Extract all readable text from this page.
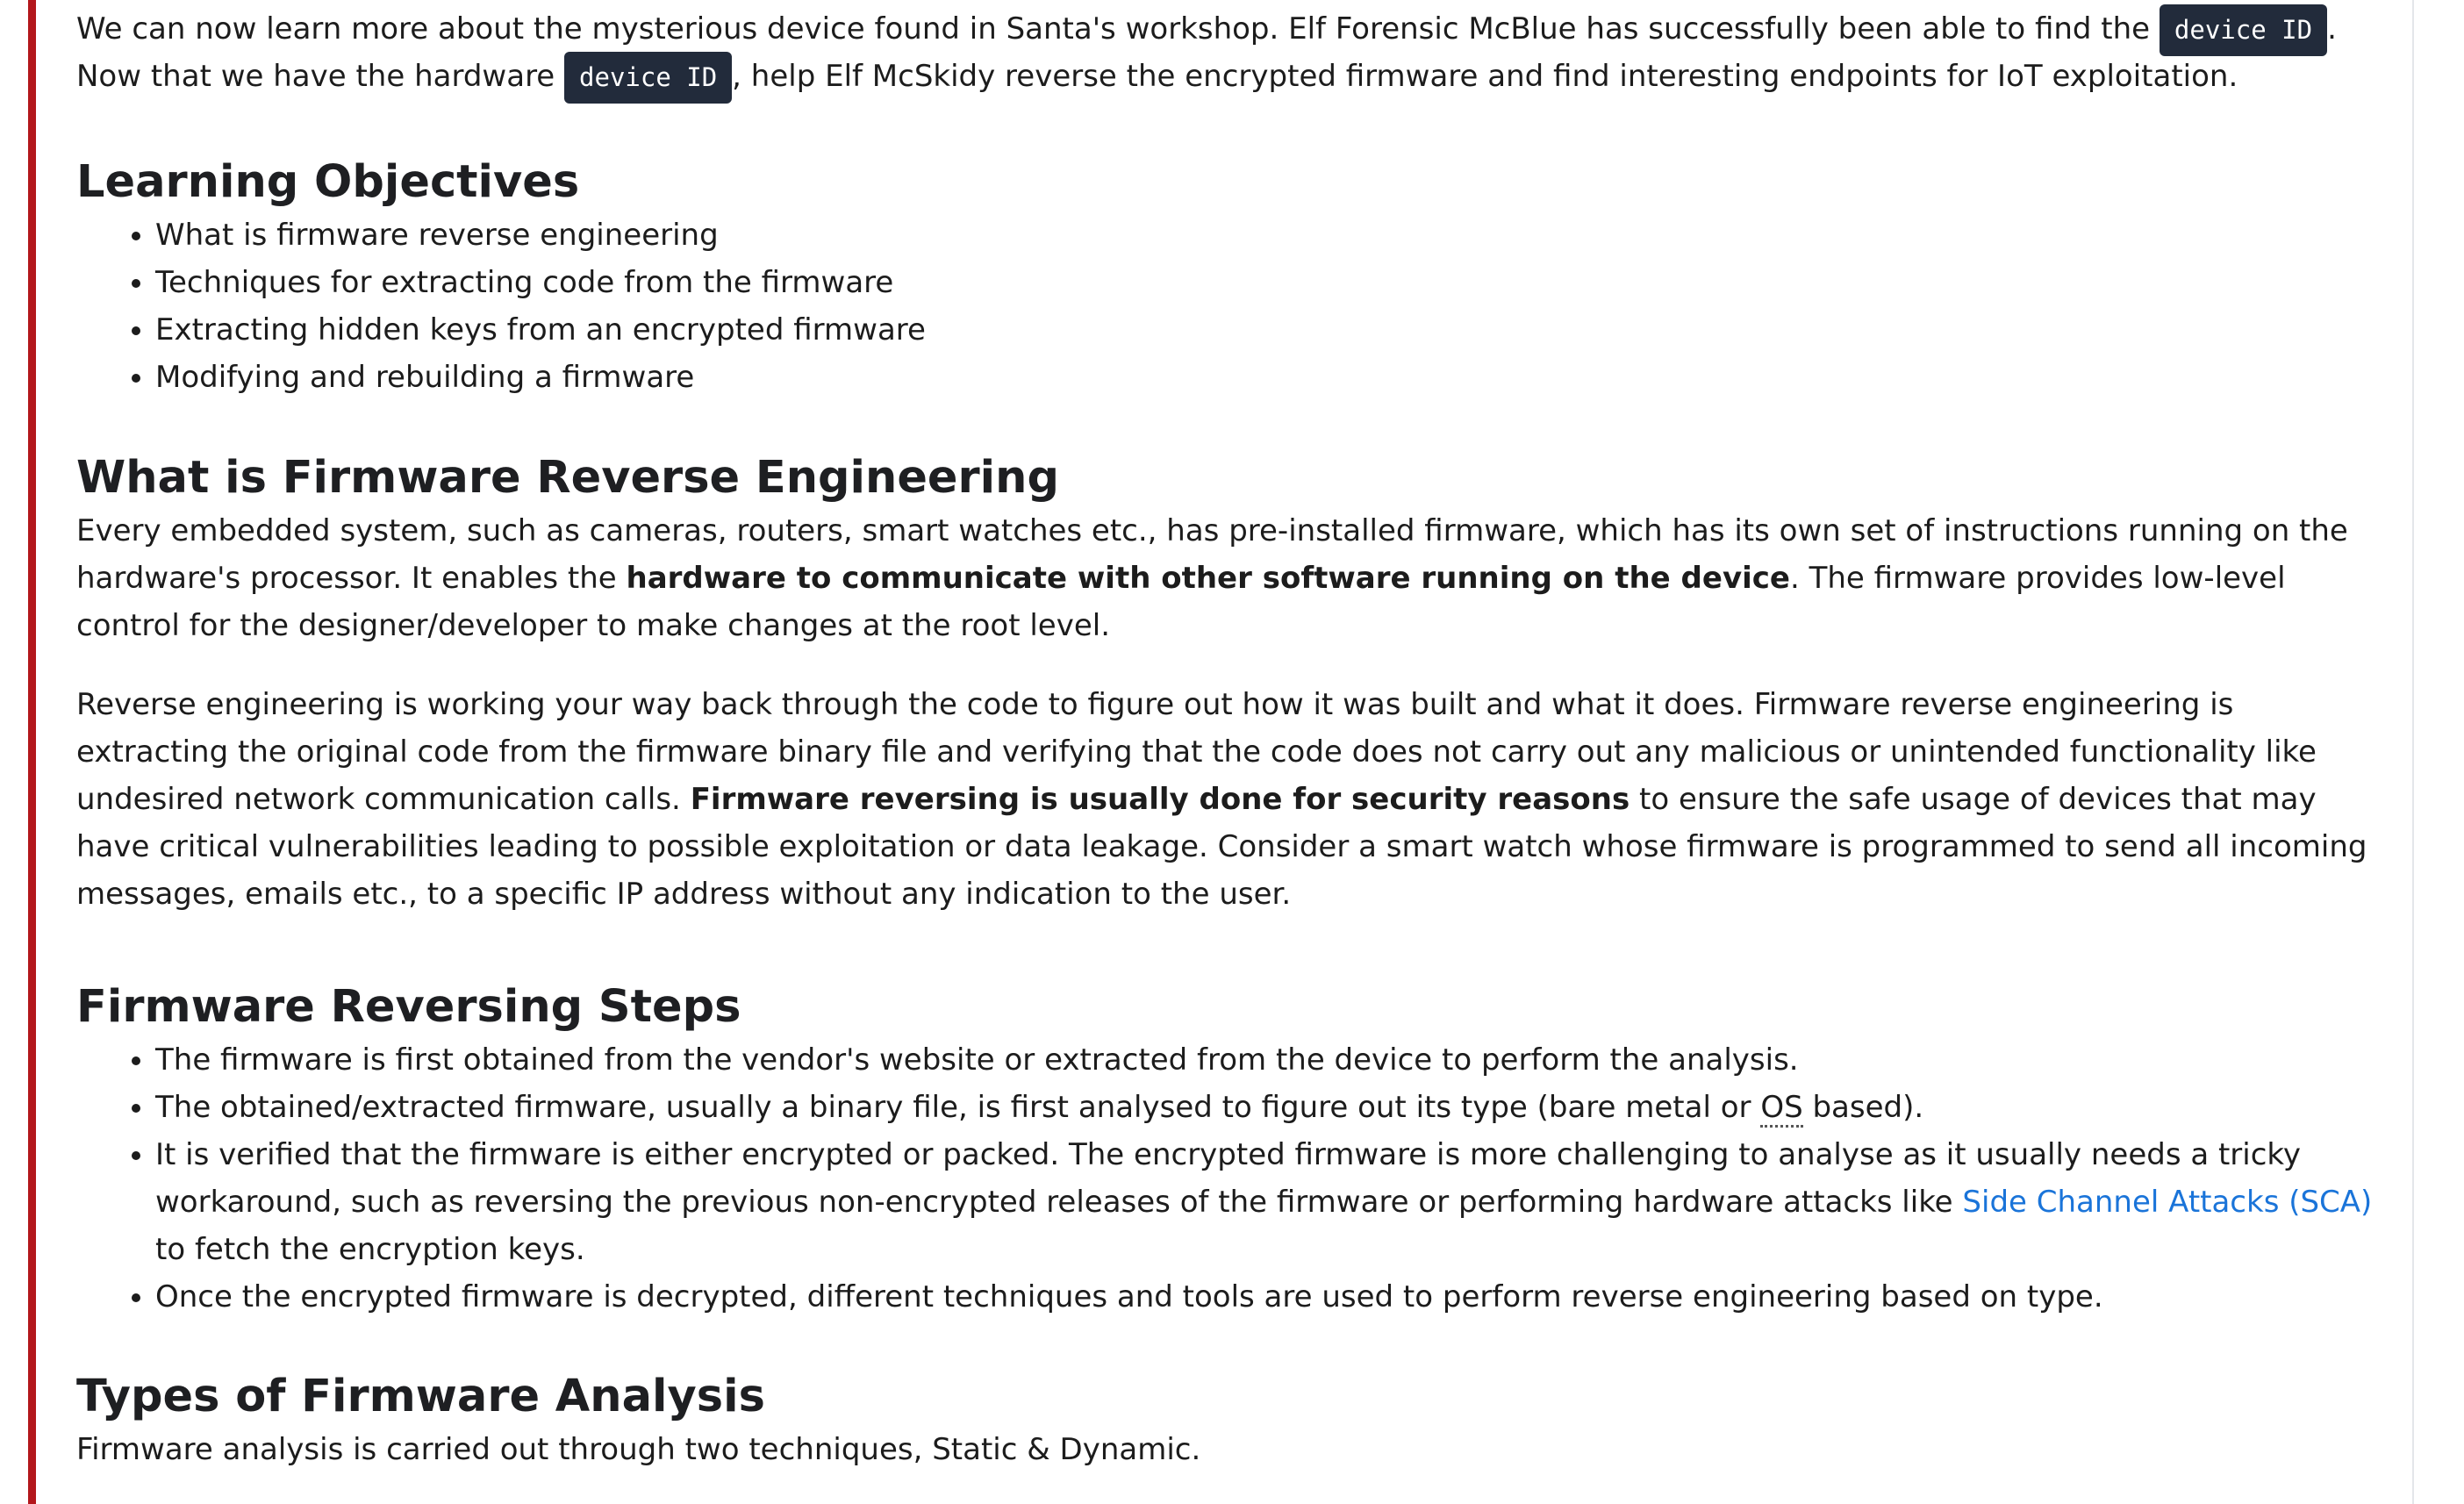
We can now learn more about the mysterious device found in Santa's workshop. Elf Forensic McBlue has successfully been able to find the device ID . Now that we have the hardware device ID , help Elf McSkidy reverse the encrypted firmware and find interesting endpoints for IoT exploitation.

Learning Objectives
• What is firmware reverse engineering
• Techniques for extracting code from the firmware
• Extracting hidden keys from an encrypted firmware
• Modifying and rebuilding a firmware
What is Firmware Reverse Engineering

Every embedded system, such as cameras, routers, smart watches etc., has pre-installed firmware, which has its own set of instructions running on the hardware's processor. It enables the hardware to communicate with other software running on the device. The firmware provides low-level control for the designer/developer to make changes at the root level.

Reverse engineering is working your way back through the code to figure out how it was built and what it does. Firmware reverse engineering is extracting the original code from the firmware binary file and verifying that the code does not carry out any malicious or unintended functionality like undesired network communication calls. Firmware reversing is usually done for security reasons to ensure the safe usage of devices that may have critical vulnerabilities leading to possible exploitation or data leakage. Consider a smart watch whose firmware is programmed to send all incoming messages, emails etc., to a specific IP address without any indication to the user.

Firmware Reversing Steps
• The firmware is first obtained from the vendor's website or extracted from the device to perform the analysis.
• The obtained/extracted firmware, usually a binary file, is first analysed to figure out its type (bare metal or OS based).
• It is verified that the firmware is either encrypted or packed. The encrypted firmware is more challenging to analyse as it usually needs a tricky workaround, such as reversing the previous non-encrypted releases of the firmware or performing hardware attacks like Side Channel Attacks (SCA) to fetch the encryption keys.
• Once the encrypted firmware is decrypted, different techniques and tools are used to perform reverse engineering based on type.
Types of Firmware Analysis

Firmware analysis is carried out through two techniques, Static & Dynamic.
